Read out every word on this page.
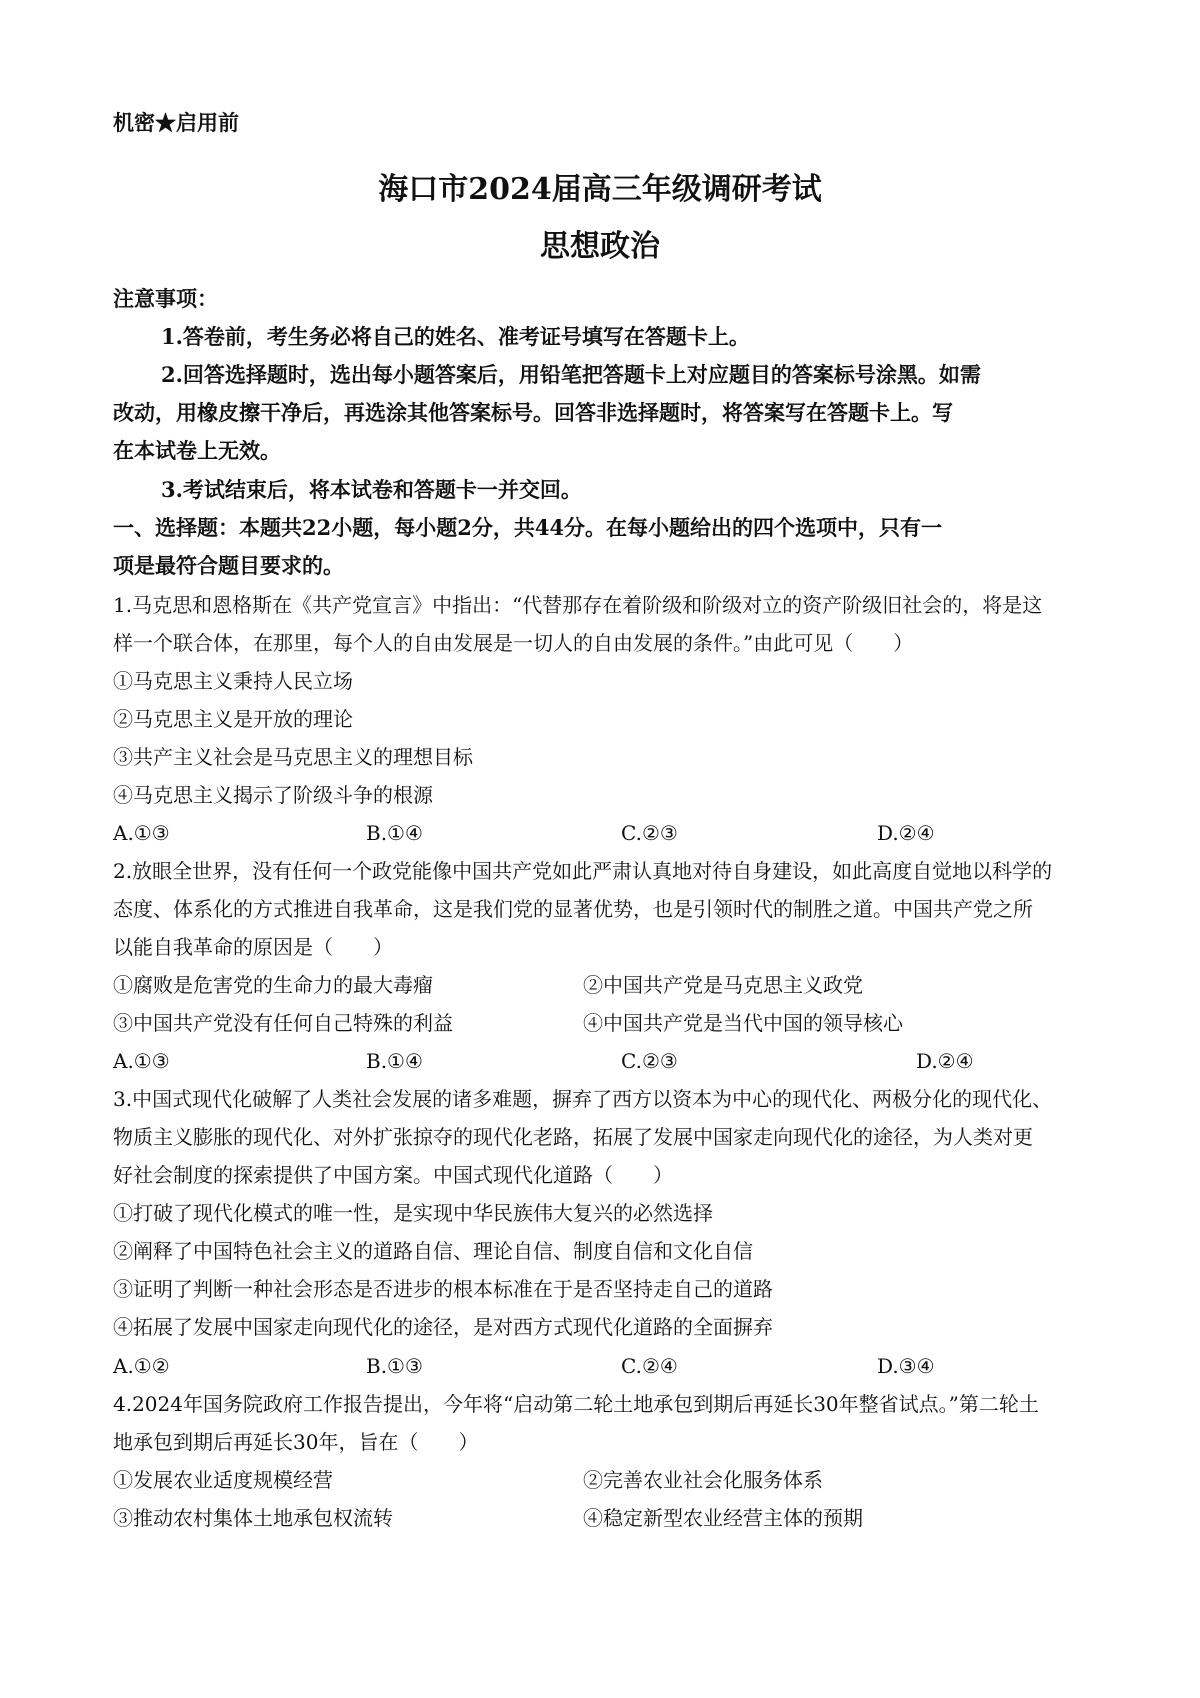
机密★启用前
海口市2024届高三年级调研考试
思想政治
注意事项：
1.答卷前，考生务必将自己的姓名、准考证号填写在答题卡上。
2.回答选择题时，选出每小题答案后，用铅笔把答题卡上对应题目的答案标号涂黑。如需
改动，用橡皮擦干净后，再选涂其他答案标号。回答非选择题时，将答案写在答题卡上。写
在本试卷上无效。
3.考试结束后，将本试卷和答题卡一并交回。
一、选择题：本题共22小题，每小题2分，共44分。在每小题给出的四个选项中，只有一
项是最符合题目要求的。
1.马克思和恩格斯在《共产党宣言》中指出：“代替那存在着阶级和阶级对立的资产阶级旧社会的，将是这
样一个联合体，在那里，每个人的自由发展是一切人的自由发展的条件。”由此可见（　　）
①马克思主义秉持人民立场
②马克思主义是开放的理论
③共产主义社会是马克思主义的理想目标
④马克思主义揭示了阶级斗争的根源
A.①③	B.①④	C.②③	D.②④
2.放眼全世界，没有任何一个政党能像中国共产党如此严肃认真地对待自身建设，如此高度自觉地以科学的
态度、体系化的方式推进自我革命，这是我们党的显著优势，也是引领时代的制胜之道。中国共产党之所
以能自我革命的原因是（　　）
①腐败是危害党的生命力的最大毒瘤	②中国共产党是马克思主义政党
③中国共产党没有任何自己特殊的利益	④中国共产党是当代中国的领导核心
A.①③	B.①④	C.②③	D.②④
3.中国式现代化破解了人类社会发展的诸多难题，摒弃了西方以资本为中心的现代化、两极分化的现代化、
物质主义膨胀的现代化、对外扩张掠夺的现代化老路，拓展了发展中国家走向现代化的途径，为人类对更
好社会制度的探索提供了中国方案。中国式现代化道路（　　）
①打破了现代化模式的唯一性，是实现中华民族伟大复兴的必然选择
②阐释了中国特色社会主义的道路自信、理论自信、制度自信和文化自信
③证明了判断一种社会形态是否进步的根本标准在于是否坚持走自己的道路
④拓展了发展中国家走向现代化的途径，是对西方式现代化道路的全面摒弃
A.①②	B.①③	C.②④	D.③④
4.2024年国务院政府工作报告提出，今年将“启动第二轮土地承包到期后再延长30年整省试点。”第二轮土
地承包到期后再延长30年，旨在（　　）
①发展农业适度规模经营	②完善农业社会化服务体系
③推动农村集体土地承包权流转	④稳定新型农业经营主体的预期
